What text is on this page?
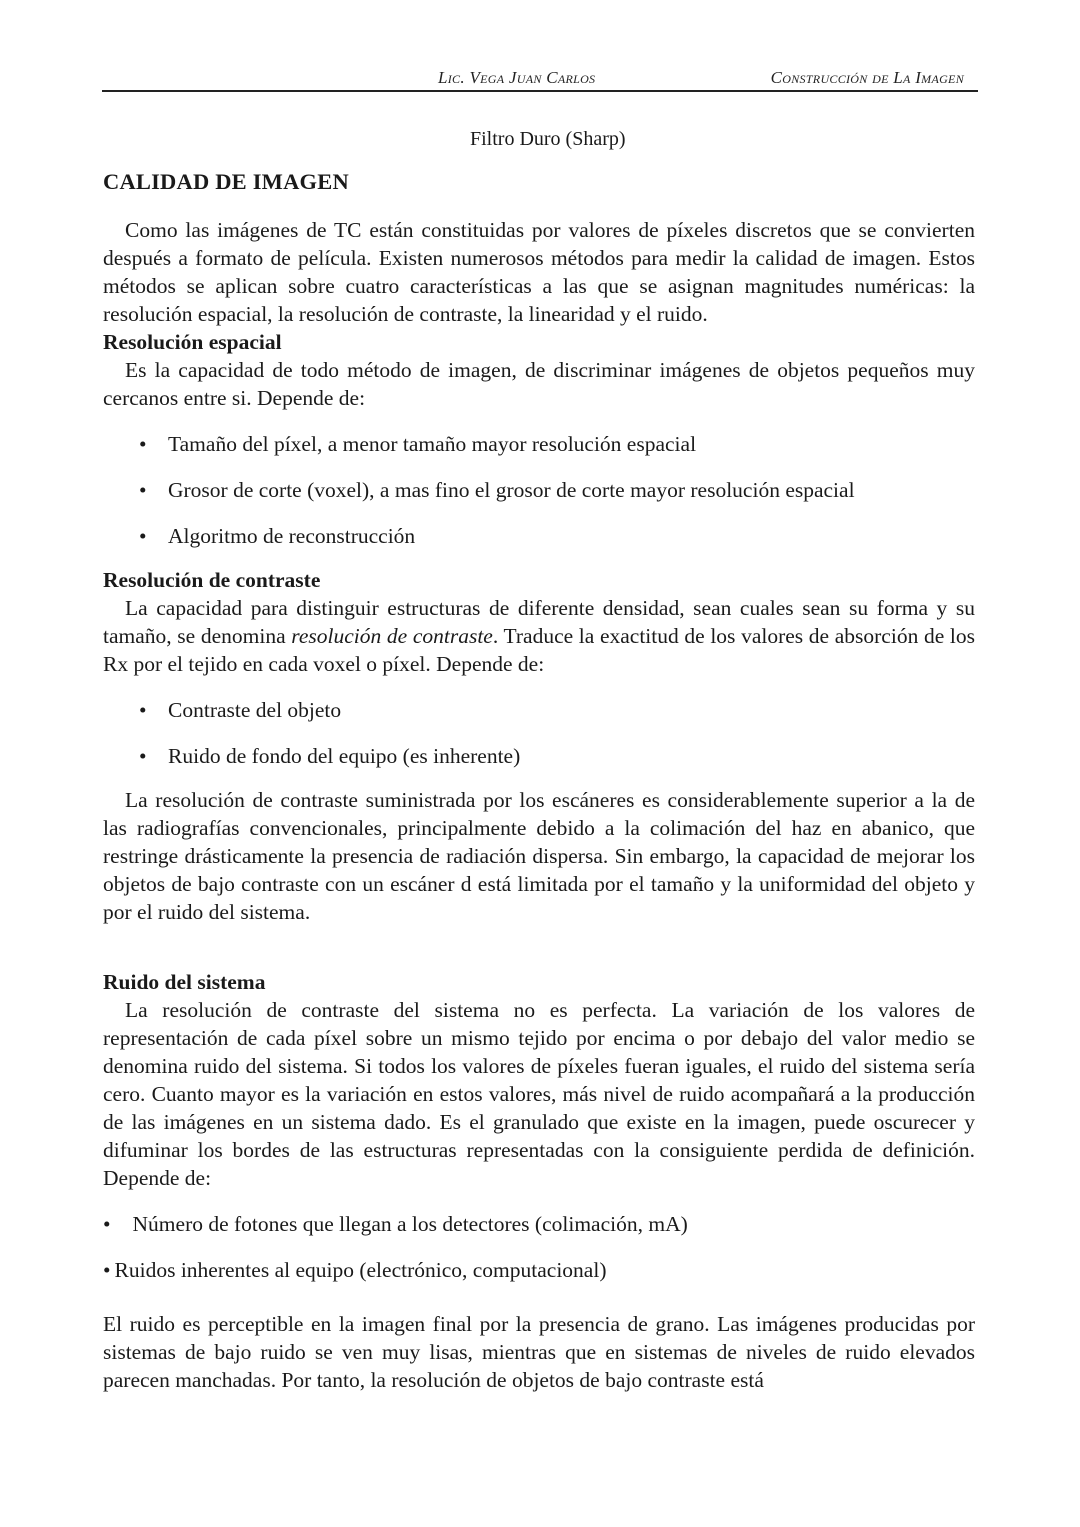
Lic. Vega Juan Carlos	Construcción de La Imagen
Filtro Duro (Sharp)
CALIDAD DE IMAGEN

Como las imágenes de TC están constituidas por valores de píxeles discretos que se convierten después a formato de película. Existen numerosos métodos para medir la calidad de imagen. Estos métodos se aplican sobre cuatro características a las que se asignan magnitudes numéricas: la resolución espacial, la resolución de contraste, la linearidad y el ruido.

Resolución espacial

Es la capacidad de todo método de imagen, de discriminar imágenes de objetos pequeños muy cercanos entre si. Depende de:

• Tamaño del píxel, a menor tamaño mayor resolución espacial
• Grosor de corte (voxel), a mas fino el grosor de corte mayor resolución espacial
• Algoritmo de reconstrucción
Resolución de contraste

La capacidad para distinguir estructuras de diferente densidad, sean cuales sean su forma y su tamaño, se denomina resolución de contraste. Traduce la exactitud de los valores de absorción de los Rx por el tejido en cada voxel o píxel. Depende de:

• Contraste del objeto
• Ruido de fondo del equipo (es inherente)

La resolución de contraste suministrada por los escáneres es considerablemente superior a la de las radiografías convencionales, principalmente debido a la colimación del haz en abanico, que restringe drásticamente la presencia de radiación dispersa. Sin embargo, la capacidad de mejorar los objetos de bajo contraste con un escáner d está limitada por el tamaño y la uniformidad del objeto y por el ruido del sistema.

Ruido del sistema

La resolución de contraste del sistema no es perfecta. La variación de los valores de representación de cada píxel sobre un mismo tejido por encima o por debajo del valor medio se denomina ruido del sistema. Si todos los valores de píxeles fueran iguales, el ruido del sistema sería cero. Cuanto mayor es la variación en estos valores, más nivel de ruido acompañará a la producción de las imágenes en un sistema dado. Es el granulado que existe en la imagen, puede oscurecer y difuminar los bordes de las estructuras representadas con la consiguiente perdida de definición. Depende de:

• Número de fotones que llegan a los detectores (colimación, mA)
• Ruidos inherentes al equipo (electrónico, computacional)

El ruido es perceptible en la imagen final por la presencia de grano. Las imágenes producidas por sistemas de bajo ruido se ven muy lisas, mientras que en sistemas de niveles de ruido elevados parecen manchadas. Por tanto, la resolución de objetos de bajo contraste está
